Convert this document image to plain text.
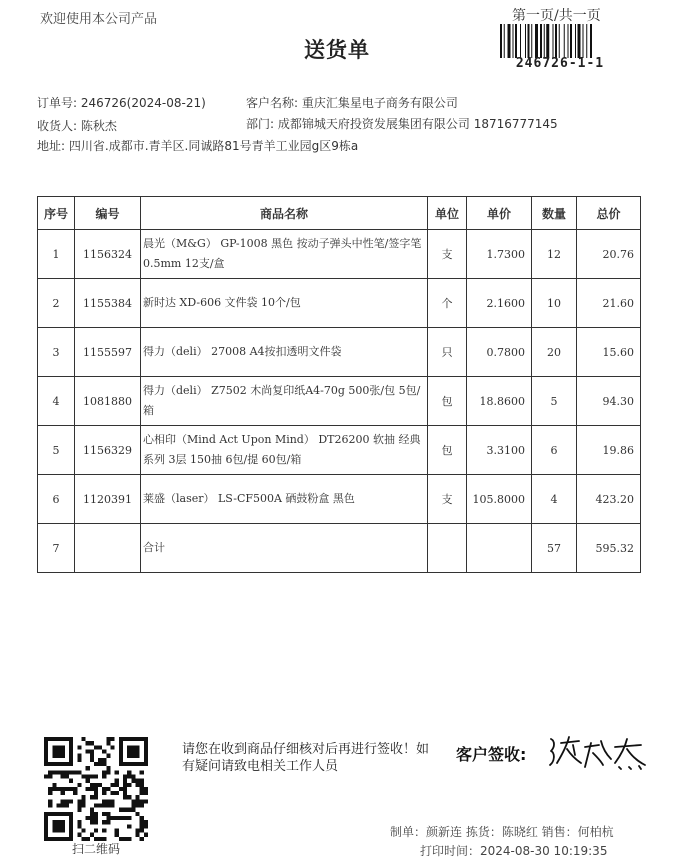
欢迎使用本公司产品
送货单
第一页/共一页
246726-1-1
订单号: 246726(2024-08-21)	客户名称: 重庆汇集星电子商务有限公司
收货人: 陈秋杰	部门: 成都锦城天府投资发展集团有限公司 18716777145
地址: 四川省.成都市.青羊区.同诚路81号青羊工业园g区9栋a
序号	编号	商品名称	单位	单价	数量	总价
1	1156324	晨光（M&G） GP-1008 黑色 按动子弹头中性笔/签字笔0.5mm 12支/盒	支	1.7300	12	20.76
2	1155384	新时达 XD-606 文件袋 10个/包	个	2.1600	10	21.60
3	1155597	得力（deli） 27008 A4按扣透明文件袋	只	0.7800	20	15.60
4	1081880	得力（deli） Z7502 木尚复印纸A4-70g 500张/包 5包/箱	包	18.8600	5	94.30
5	1156329	心相印（Mind Act Upon Mind） DT26200 软抽 经典系列 3层 150抽 6包/提 60包/箱	包	3.3100	6	19.86
6	1120391	莱盛（laser） LS-CF500A 硒鼓粉盒 黑色	支	105.8000	4	423.20
7		合计			57	595.32
扫二维码
请您在收到商品仔细核对后再进行签收！如有疑问请致电相关工作人员
客户签收:
制单：颜新连 拣货：陈晓红 销售：何柏杭
打印时间：2024-08-30 10:19:35
